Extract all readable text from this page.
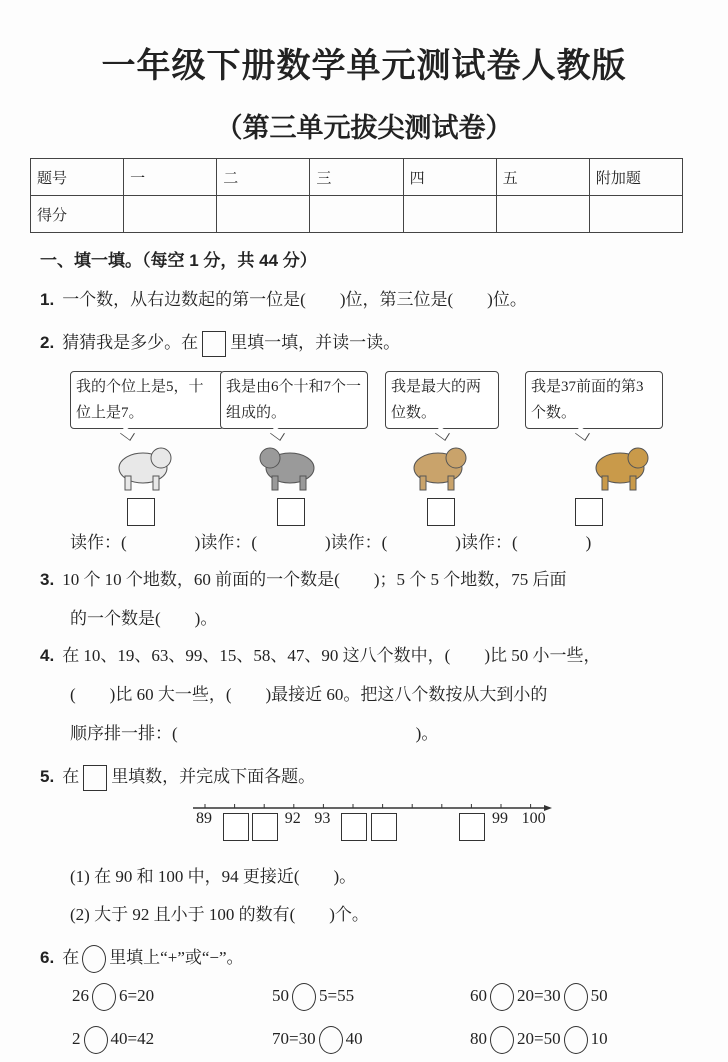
一年级下册数学单元测试卷人教版
（第三单元拔尖测试卷）
题号	一	二	三	四	五	附加题
得分						
一、填一填。（每空 1 分，共 44 分）
1. 一个数，从右边数起的第一位是(　　)位，第三位是(　　)位。
2. 猜猜我是多少。在 里填一填，并读一读。
读作：(　　　　)读作：(　　　　)读作：(　　　　)读作：(　　　　)
3. 10 个 10 个地数，60 前面的一个数是(　　)；5 个 5 个地数，75 后面
的一个数是(　　)。
4. 在 10、19、63、99、15、58、47、90 这八个数中，(　　)比 50 小一些，
(　　)比 60 大一些，(　　)最接近 60。把这八个数按从大到小的
顺序排一排：(　　　　　　　　　　　　　　)。
5. 在 里填数，并完成下面各题。
89	92 93	99 100
(1) 在 90 和 100 中，94 更接近(　　)。
(2) 大于 92 且小于 100 的数有(　　)个。
6. 在 里填上“+”或“−”。
我的个位上是5，十位上是7。
我是由6个十和7个一组成的。
我是最大的两位数。
我是37前面的第3个数。
26 6=20	50 5=55	60 20=30 50
2 40=42	70=30 40	80 20=50 10
